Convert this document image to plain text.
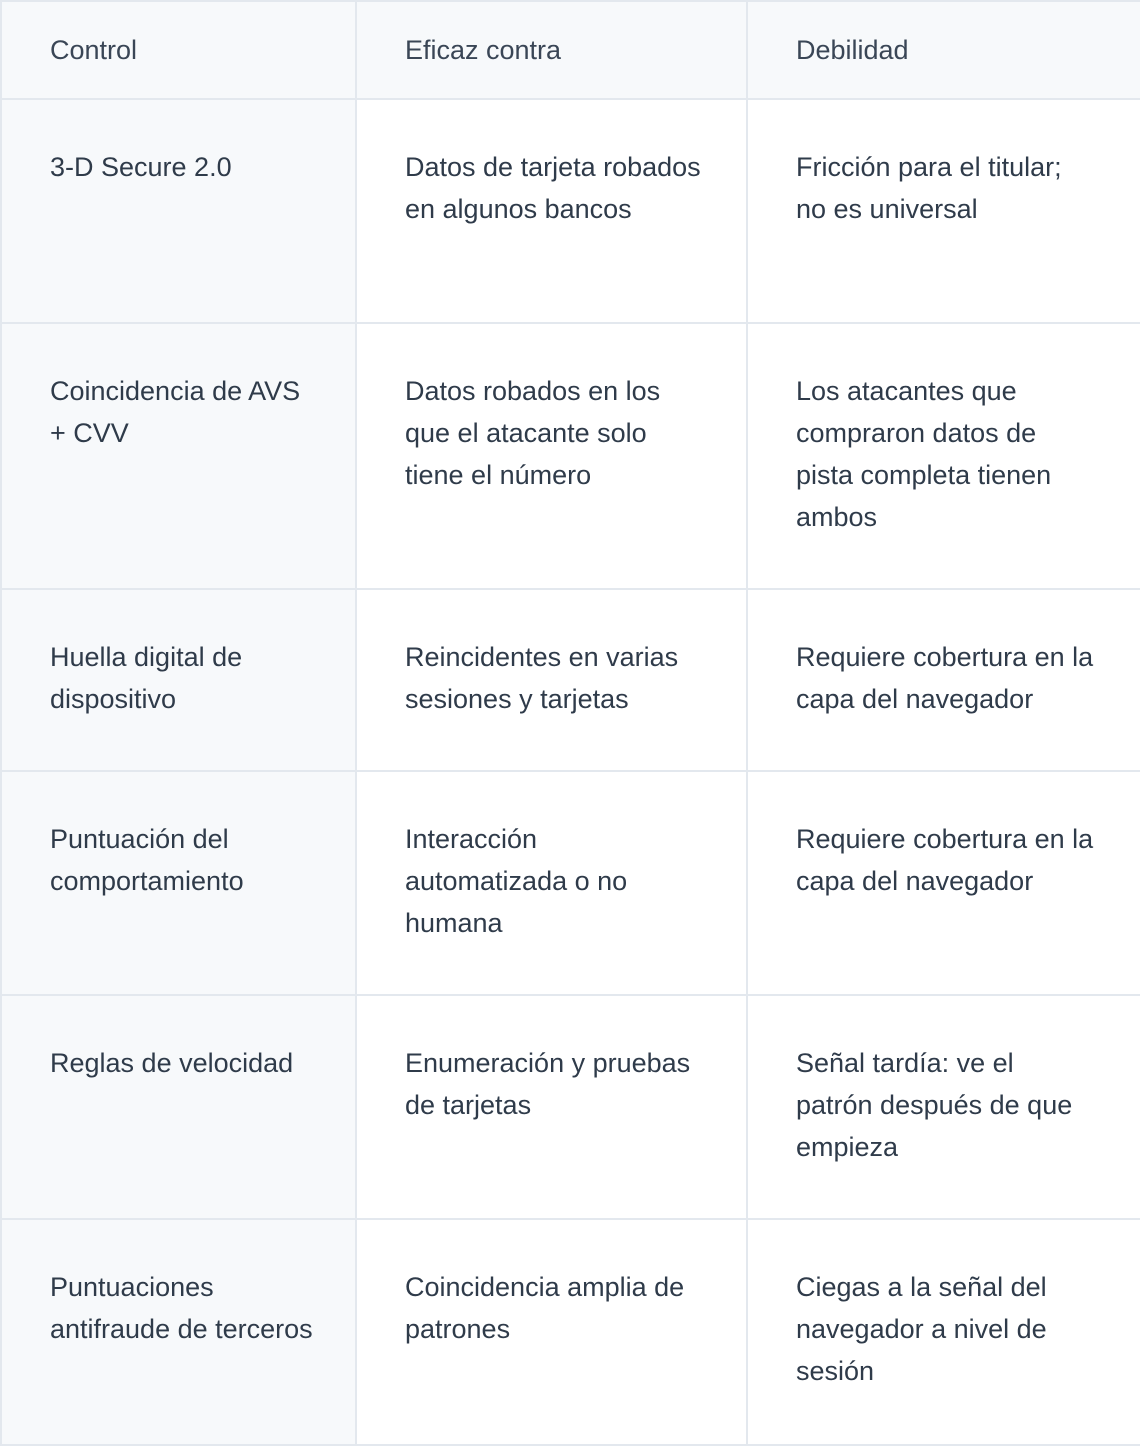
Control	Eficaz contra	Debilidad

3-D Secure 2.0	Datos de tarjeta robados en algunos bancos	Fricción para el titular; no es universal

Coincidencia de AVS + CVV	Datos robados en los que el atacante solo tiene el número	Los atacantes que compraron datos de pista completa tienen ambos

Huella digital de dispositivo	Reincidentes en varias sesiones y tarjetas	Requiere cobertura en la capa del navegador

Puntuación del comportamiento	Interacción automatizada o no humana	Requiere cobertura en la capa del navegador

Reglas de velocidad	Enumeración y pruebas de tarjetas	Señal tardía: ve el patrón después de que empieza

Puntuaciones antifraude de terceros	Coincidencia amplia de patrones	Ciegas a la señal del navegador a nivel de sesión
